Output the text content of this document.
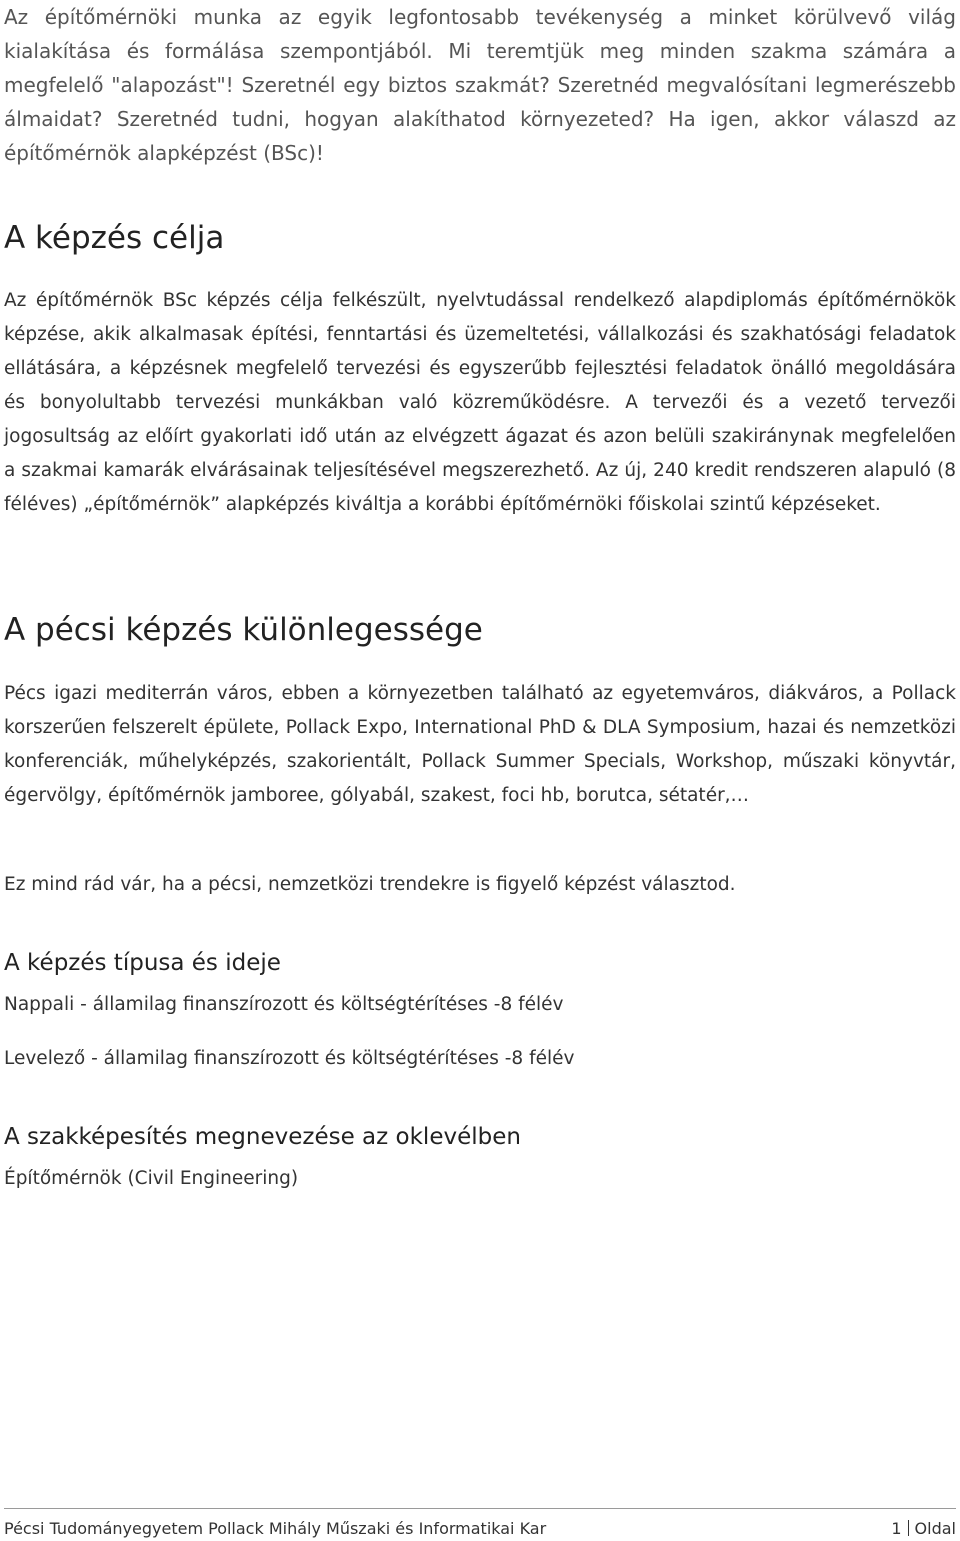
Az építőmérnöki munka az egyik legfontosabb tevékenység a minket körülvevő világ kialakítása és formálása szempontjából. Mi teremtjük meg minden szakma számára a megfelelő "alapozást"! Szeretnél egy biztos szakmát? Szeretnéd megvalósítani legmerészebb álmaidat? Szeretnéd tudni, hogyan alakíthatod környezeted? Ha igen, akkor válaszd az építőmérnök alapképzést (BSc)!

A képzés célja

Az építőmérnök BSc képzés célja felkészült, nyelvtudással rendelkező alapdiplomás építőmérnökök képzése, akik alkalmasak építési, fenntartási és üzemeltetési, vállalkozási és szakhatósági feladatok ellátására, a képzésnek megfelelő tervezési és egyszerűbb fejlesztési feladatok önálló megoldására és bonyolultabb tervezési munkákban való közreműködésre. A tervezői és a vezető tervezői jogosultság az előírt gyakorlati idő után az elvégzett ágazat és azon belüli szakiránynak megfelelően a szakmai kamarák elvárásainak teljesítésével megszerezhető. Az új, 240 kredit rendszeren alapuló (8 féléves) „építőmérnök” alapképzés kiváltja a korábbi építőmérnöki főiskolai szintű képzéseket.

A pécsi képzés különlegessége

Pécs igazi mediterrán város, ebben a környezetben található az egyetemváros, diákváros, a Pollack korszerűen felszerelt épülete, Pollack Expo, International PhD & DLA Symposium, hazai és nemzetközi konferenciák, műhelyképzés, szakorientált, Pollack Summer Specials, Workshop, műszaki könyvtár, égervölgy, építőmérnök jamboree, gólyabál, szakest, foci hb, borutca, sétatér,…

Ez mind rád vár, ha a pécsi, nemzetközi trendekre is figyelő képzést választod.

A képzés típusa és ideje

Nappali - államilag finanszírozott és költségtérítéses -8 félév

Levelező - államilag finanszírozott és költségtérítéses -8 félév

A szakképesítés megnevezése az oklevélben

Építőmérnök (Civil Engineering)

Pécsi Tudományegyetem Pollack Mihály Műszaki és Informatikai Kar	1 Oldal
